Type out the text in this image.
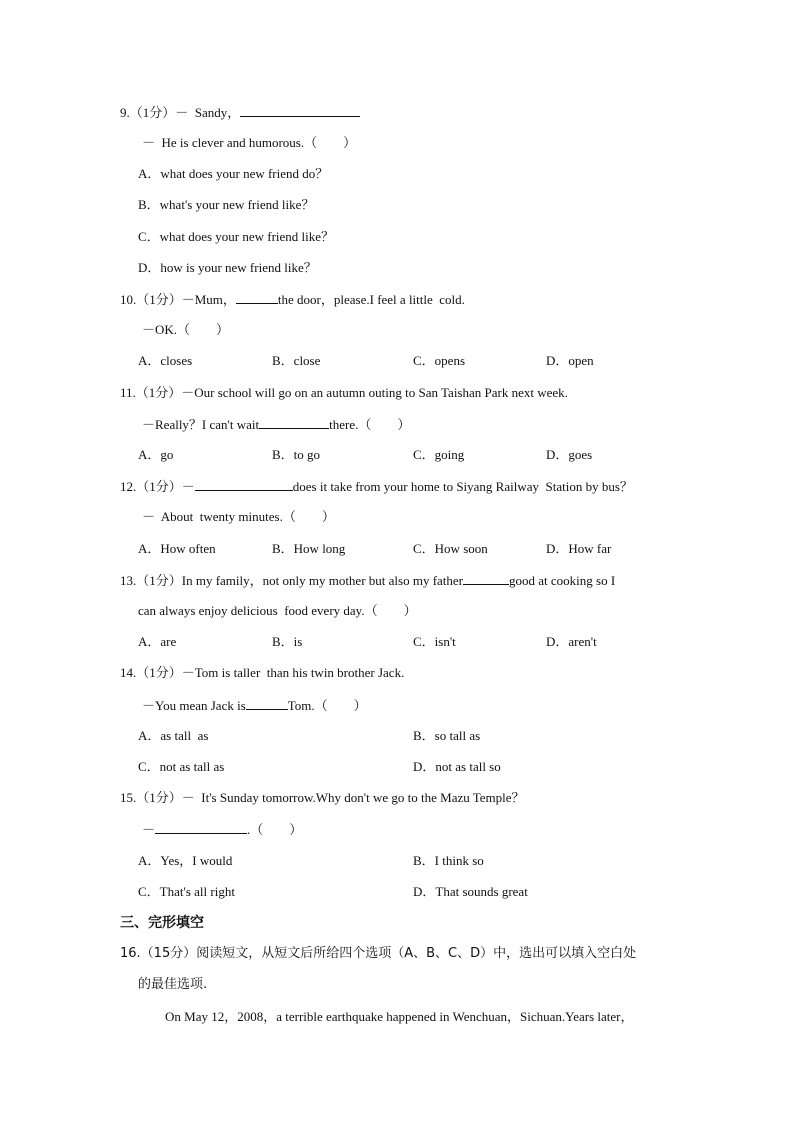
9.（1分）－  Sandy，
－  He is clever and humorous.（　　）
A．what does your new friend do？
B．what's your new friend like？
C．what does your new friend like？
D．how is your new friend like？
10.（1分）－Mum，	the door，please.I feel a little  cold.
－OK.（　　）
A．closes	B．close	C．opens	D．open
11.（1分）－Our school will go on an autumn outing to San Taishan Park next week.
－Really？I can't wait	there.（　　）
A．go	B．to go	C．going	D．goes
12.（1分）－	does it take from your home to Siyang Railway  Station by bus？
－  About  twenty minutes.（　　）
A．How often	B．How long	C．How soon	D．How far
13.（1分）In my family，not only my mother but also my father	good at cooking so I
can always enjoy delicious  food every day.（　　）
A．are	B．is	C．isn't	D．aren't
14.（1分）－Tom is taller  than his twin brother Jack.
－You mean Jack is	Tom.（　　）
A．as tall  as	B．so tall as
C．not as tall as	D．not as tall so
15.（1分）－  It's Sunday tomorrow.Why don't we go to the Mazu Temple？
－	.（　　）
A．Yes，I would	B．I think so
C．That's all right	D．That sounds great
三、完形填空
16.（15分）阅读短文，从短文后所给四个选项（A、B、C、D）中，选出可以填入空白处
的最佳选项.
On May 12，2008，a terrible earthquake happened in Wenchuan，Sichuan.Years later，
